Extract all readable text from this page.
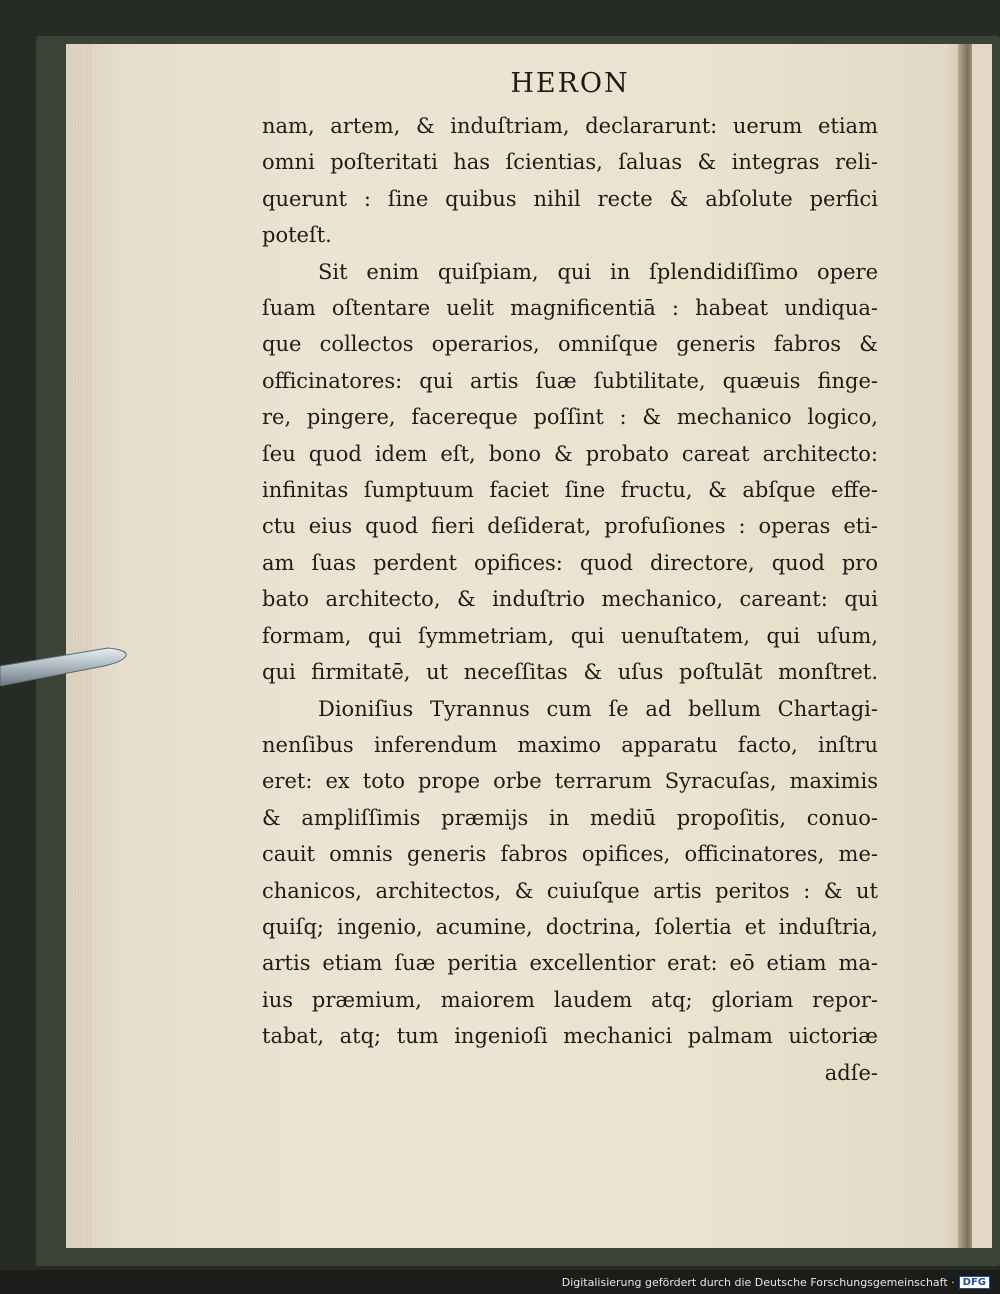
HERON
nam, artem, & induſtriam, declararunt: uerum etiam
omni poſteritati has ſcientias, ſaluas & integras reli-
querunt : ſine quibus nihil recte & abſolute perfici
poteſt.
Sit enim quiſpiam, qui in ſplendidiſſimo opere
ſuam oſtentare uelit magnificentiā : habeat undiqua-
que collectos operarios, omniſque generis fabros &
officinatores: qui artis ſuæ ſubtilitate, quæuis finge-
re, pingere, facereque poſſint : & mechanico logico,
ſeu quod idem eſt, bono & probato careat architecto:
infinitas ſumptuum faciet ſine fructu, & abſque effe-
ctu eius quod fieri deſiderat, profuſiones : operas eti-
am ſuas perdent opifices: quod directore, quod pro
bato architecto, & induſtrio mechanico, careant: qui
formam, qui ſymmetriam, qui uenuſtatem, qui uſum,
qui firmitatē, ut neceſſitas & uſus poſtulāt monſtret.
Dioniſius Tyrannus cum ſe ad bellum Chartagi-
nenſibus inferendum maximo apparatu facto, inſtru
eret: ex toto prope orbe terrarum Syracuſas, maximis
& ampliſſimis præmijs in mediū propoſitis, conuo-
cauit omnis generis fabros opifices, officinatores, me-
chanicos, architectos, & cuiuſque artis peritos : & ut
quiſq; ingenio, acumine, doctrina, ſolertia et induſtria,
artis etiam ſuæ peritia excellentior erat: eō etiam ma-
ius præmium, maiorem laudem atq; gloriam repor-
tabat, atq; tum ingenioſi mechanici palmam uictoriæ
adſe-
Digitalisierung gefördert durch die Deutsche Forschungsgemeinschaft · DFG
